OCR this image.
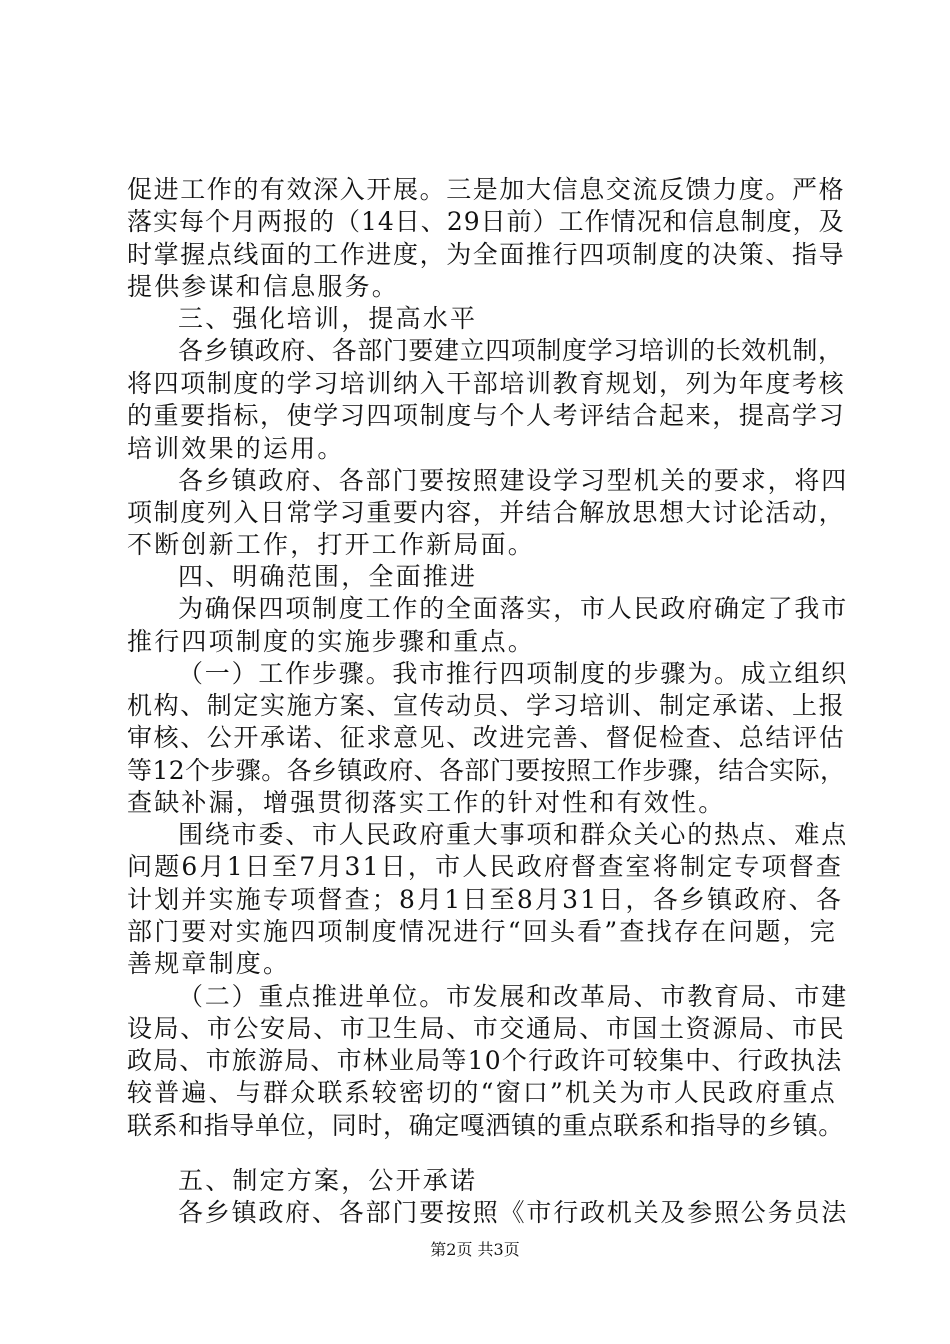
促进工作的有效深入开展。三是加大信息交流反馈力度。严格
落实每个月两报的（14日、29日前）工作情况和信息制度，及
时掌握点线面的工作进度，为全面推行四项制度的决策、指导
提供参谋和信息服务。
三、强化培训，提高水平
各乡镇政府、各部门要建立四项制度学习培训的长效机制，
将四项制度的学习培训纳入干部培训教育规划，列为年度考核
的重要指标，使学习四项制度与个人考评结合起来，提高学习
培训效果的运用。
各乡镇政府、各部门要按照建设学习型机关的要求，将四
项制度列入日常学习重要内容，并结合解放思想大讨论活动，
不断创新工作，打开工作新局面。
四、明确范围，全面推进
为确保四项制度工作的全面落实，市人民政府确定了我市
推行四项制度的实施步骤和重点。
（一）工作步骤。我市推行四项制度的步骤为。成立组织
机构、制定实施方案、宣传动员、学习培训、制定承诺、上报
审核、公开承诺、征求意见、改进完善、督促检查、总结评估
等12个步骤。各乡镇政府、各部门要按照工作步骤，结合实际，
查缺补漏，增强贯彻落实工作的针对性和有效性。
围绕市委、市人民政府重大事项和群众关心的热点、难点
问题6月1日至7月31日，市人民政府督查室将制定专项督查
计划并实施专项督查；8月1日至8月31日，各乡镇政府、各
部门要对实施四项制度情况进行“回头看”查找存在问题，完
善规章制度。
（二）重点推进单位。市发展和改革局、市教育局、市建
设局、市公安局、市卫生局、市交通局、市国土资源局、市民
政局、市旅游局、市林业局等10个行政许可较集中、行政执法
较普遍、与群众联系较密切的“窗口”机关为市人民政府重点
联系和指导单位，同时，确定嘎洒镇的重点联系和指导的乡镇。
五、制定方案，公开承诺
各乡镇政府、各部门要按照《市行政机关及参照公务员法
第2页 共3页
